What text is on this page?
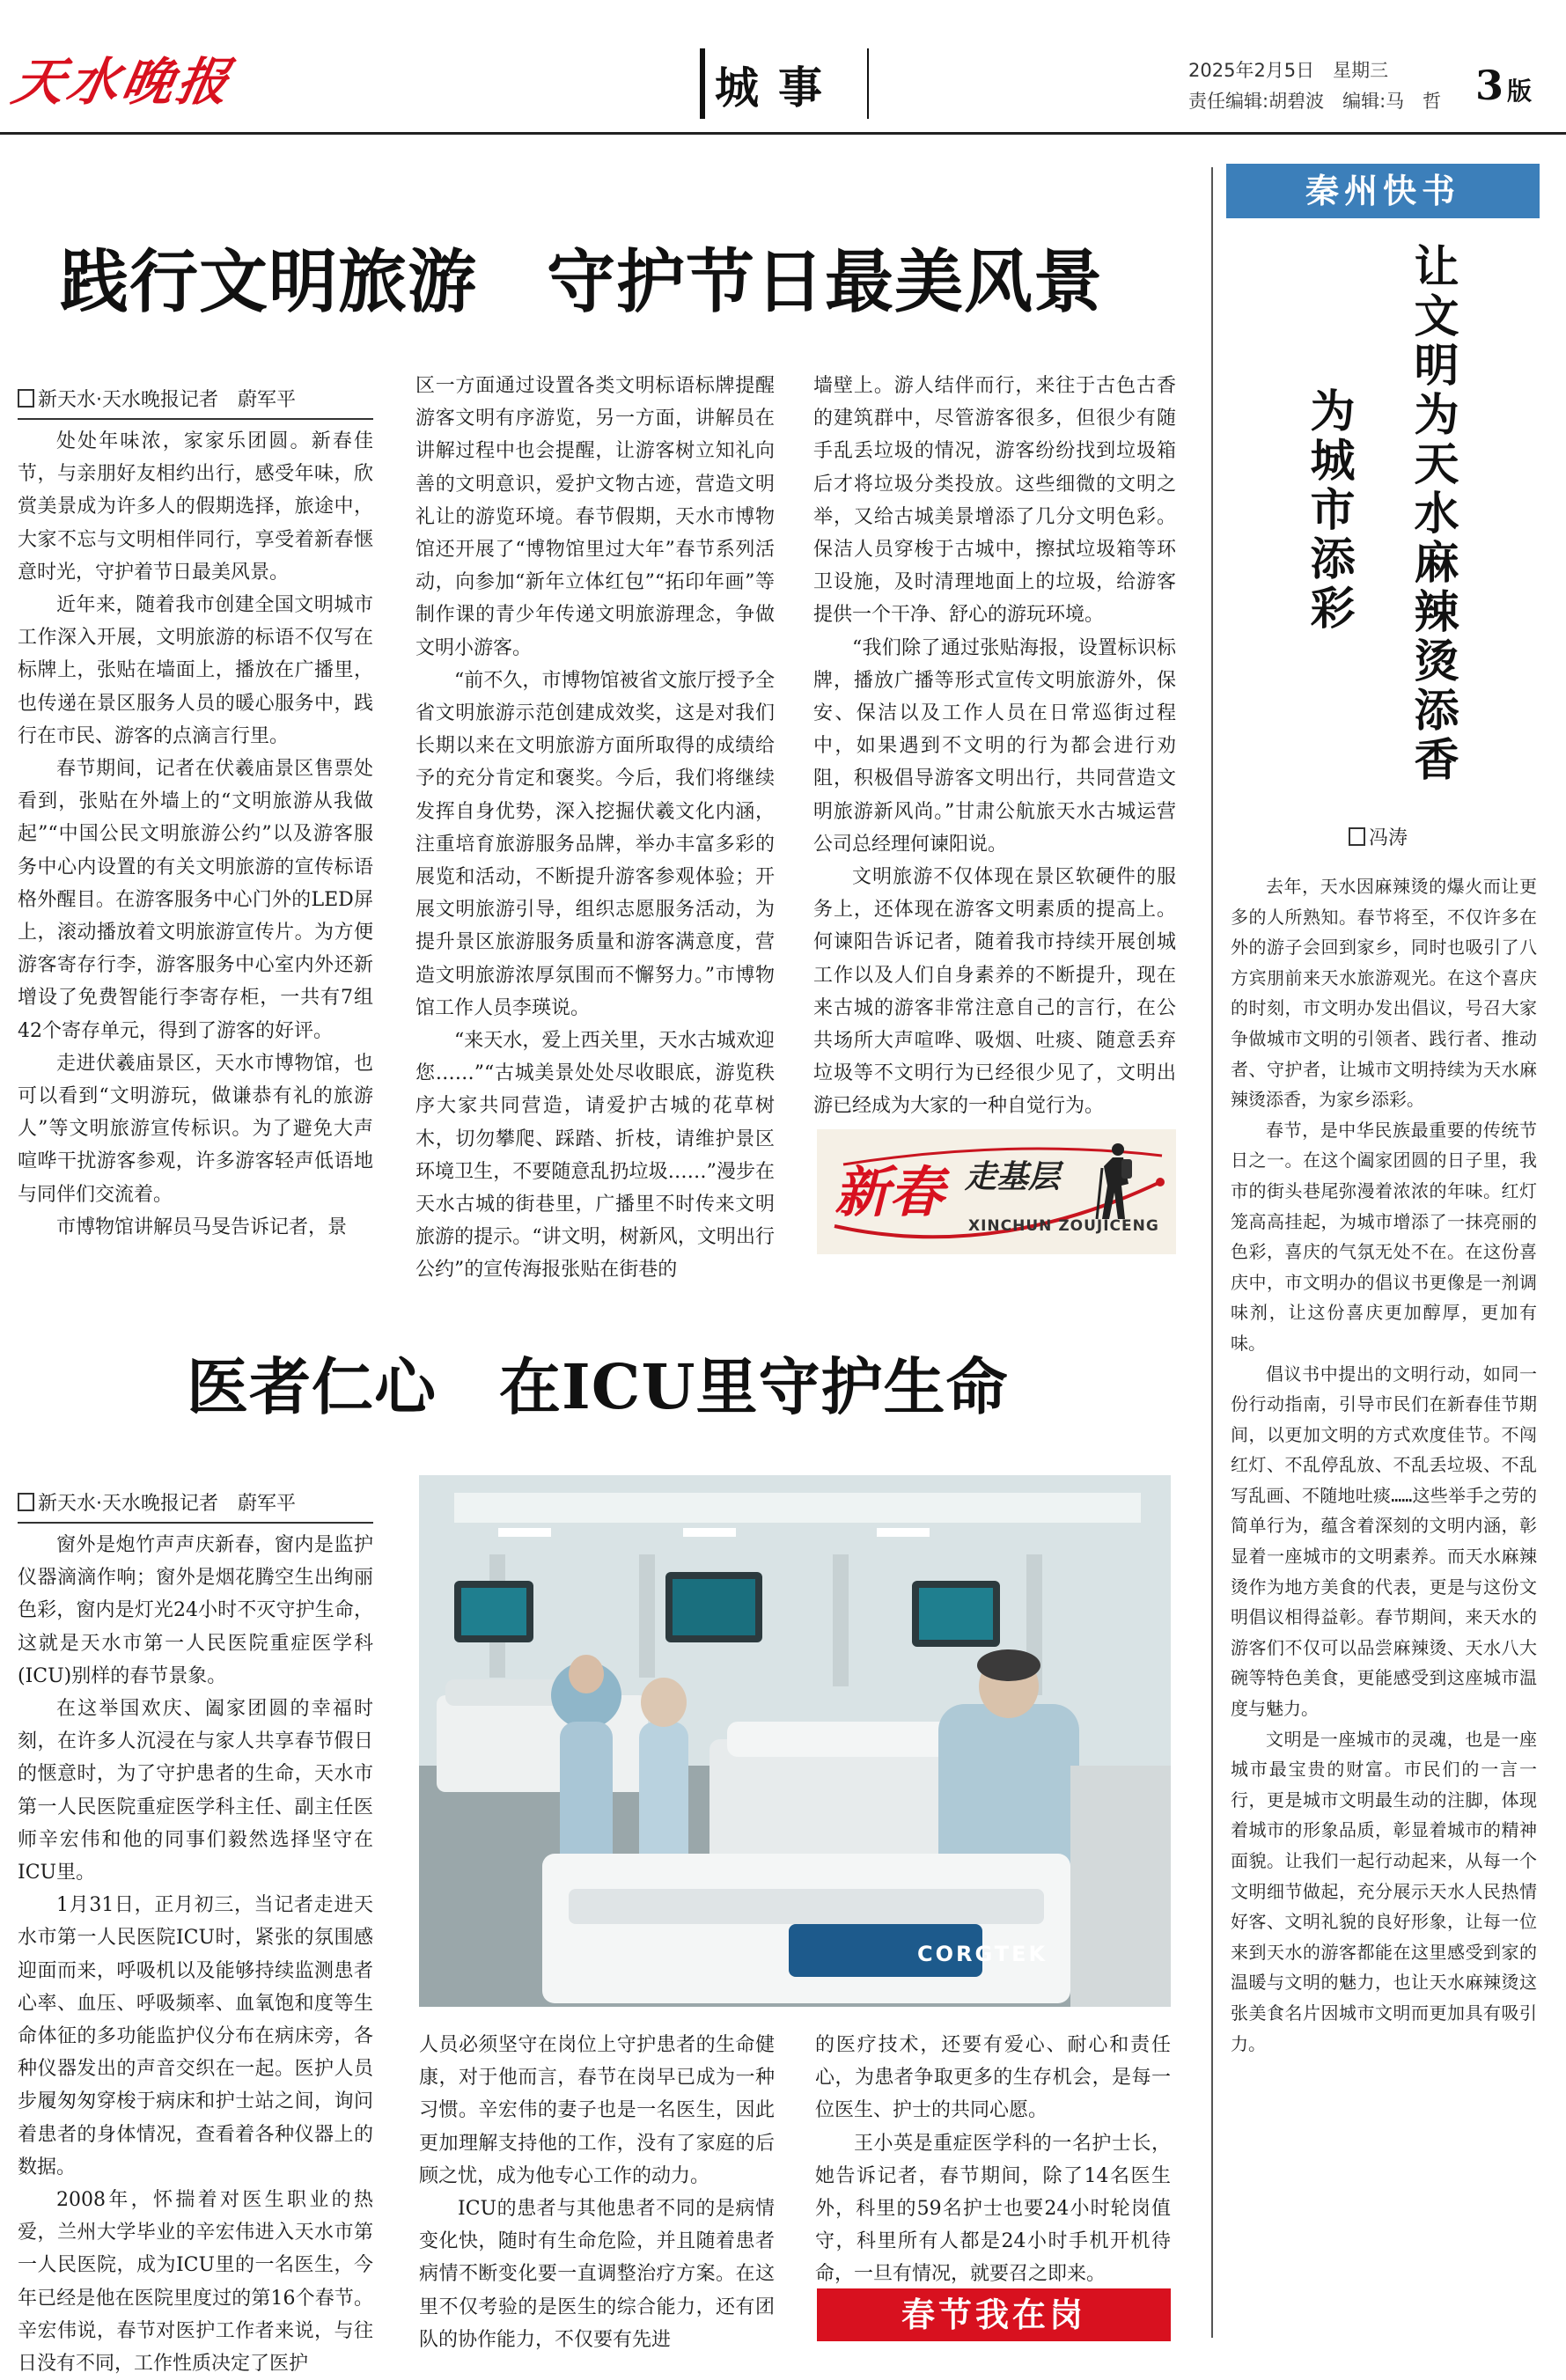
天水晚报	城事	2025年2月5日　星期三
责任编辑:胡碧波　编辑:马　哲 3 版
践行文明旅游　守护节日最美风景
新天水·天水晚报记者　蔚军平

处处年味浓，家家乐团圆。新春佳节，与亲朋好友相约出行，感受年味，欣赏美景成为许多人的假期选择，旅途中，大家不忘与文明相伴同行，享受着新春惬意时光，守护着节日最美风景。

近年来，随着我市创建全国文明城市工作深入开展，文明旅游的标语不仅写在标牌上，张贴在墙面上，播放在广播里，也传递在景区服务人员的暖心服务中，践行在市民、游客的点滴言行里。

春节期间，记者在伏羲庙景区售票处看到，张贴在外墙上的“文明旅游从我做起”“中国公民文明旅游公约”以及游客服务中心内设置的有关文明旅游的宣传标语格外醒目。在游客服务中心门外的LED屏上，滚动播放着文明旅游宣传片。为方便游客寄存行李，游客服务中心室内外还新增设了免费智能行李寄存柜，一共有7组42个寄存单元，得到了游客的好评。

走进伏羲庙景区，天水市博物馆，也可以看到“文明游玩，做谦恭有礼的旅游人”等文明旅游宣传标识。为了避免大声喧哗干扰游客参观，许多游客轻声低语地与同伴们交流着。

市博物馆讲解员马旻告诉记者，景

区一方面通过设置各类文明标语标牌提醒游客文明有序游览，另一方面，讲解员在讲解过程中也会提醒，让游客树立知礼向善的文明意识，爱护文物古迹，营造文明礼让的游览环境。春节假期，天水市博物馆还开展了“博物馆里过大年”春节系列活动，向参加“新年立体红包”“拓印年画”等制作课的青少年传递文明旅游理念，争做文明小游客。

“前不久，市博物馆被省文旅厅授予全省文明旅游示范创建成效奖，这是对我们长期以来在文明旅游方面所取得的成绩给予的充分肯定和褒奖。今后，我们将继续发挥自身优势，深入挖掘伏羲文化内涵，注重培育旅游服务品牌，举办丰富多彩的展览和活动，不断提升游客参观体验；开展文明旅游引导，组织志愿服务活动，为提升景区旅游服务质量和游客满意度，营造文明旅游浓厚氛围而不懈努力。”市博物馆工作人员李瑛说。

“来天水，爱上西关里，天水古城欢迎您……”“古城美景处处尽收眼底，游览秩序大家共同营造，请爱护古城的花草树木，切勿攀爬、踩踏、折枝，请维护景区环境卫生，不要随意乱扔垃圾……”漫步在天水古城的街巷里，广播里不时传来文明旅游的提示。“讲文明，树新风，文明出行公约”的宣传海报张贴在街巷的

墙壁上。游人结伴而行，来往于古色古香的建筑群中，尽管游客很多，但很少有随手乱丢垃圾的情况，游客纷纷找到垃圾箱后才将垃圾分类投放。这些细微的文明之举，又给古城美景增添了几分文明色彩。保洁人员穿梭于古城中，擦拭垃圾箱等环卫设施，及时清理地面上的垃圾，给游客提供一个干净、舒心的游玩环境。

“我们除了通过张贴海报，设置标识标牌，播放广播等形式宣传文明旅游外，保安、保洁以及工作人员在日常巡街过程中，如果遇到不文明的行为都会进行劝阻，积极倡导游客文明出行，共同营造文明旅游新风尚。”甘肃公航旅天水古城运营公司总经理何谏阳说。

文明旅游不仅体现在景区软硬件的服务上，还体现在游客文明素质的提高上。何谏阳告诉记者，随着我市持续开展创城工作以及人们自身素养的不断提升，现在来古城的游客非常注意自己的言行，在公共场所大声喧哗、吸烟、吐痰、随意丢弃垃圾等不文明行为已经很少见了，文明出游已经成为大家的一种自觉行为。

新春 走基层
XINCHUN ZOUJICENG
医者仁心　在ICU里守护生命
新天水·天水晚报记者　蔚军平

窗外是炮竹声声庆新春，窗内是监护仪器滴滴作响；窗外是烟花腾空生出绚丽色彩，窗内是灯光24小时不灭守护生命，这就是天水市第一人民医院重症医学科(ICU)别样的春节景象。

在这举国欢庆、阖家团圆的幸福时刻，在许多人沉浸在与家人共享春节假日的惬意时，为了守护患者的生命，天水市第一人民医院重症医学科主任、副主任医师辛宏伟和他的同事们毅然选择坚守在ICU里。

1月31日，正月初三，当记者走进天水市第一人民医院ICU时，紧张的氛围感迎面而来，呼吸机以及能够持续监测患者心率、血压、呼吸频率、血氧饱和度等生命体征的多功能监护仪分布在病床旁，各种仪器发出的声音交织在一起。医护人员步履匆匆穿梭于病床和护士站之间，询问着患者的身体情况，查看着各种仪器上的数据。

2008年，怀揣着对医生职业的热爱，兰州大学毕业的辛宏伟进入天水市第一人民医院，成为ICU里的一名医生，今年已经是他在医院里度过的第16个春节。辛宏伟说，春节对医护工作者来说，与往日没有不同，工作性质决定了医护

CORGTEK

人员必须坚守在岗位上守护患者的生命健康，对于他而言，春节在岗早已成为一种习惯。辛宏伟的妻子也是一名医生，因此更加理解支持他的工作，没有了家庭的后顾之忧，成为他专心工作的动力。

ICU的患者与其他患者不同的是病情变化快，随时有生命危险，并且随着患者病情不断变化要一直调整治疗方案。在这里不仅考验的是医生的综合能力，还有团队的协作能力，不仅要有先进

的医疗技术，还要有爱心、耐心和责任心，为患者争取更多的生存机会，是每一位医生、护士的共同心愿。

王小英是重症医学科的一名护士长，她告诉记者，春节期间，除了14名医生外，科里的59名护士也要24小时轮岗值守，科里所有人都是24小时手机开机待命，一旦有情况，就要召之即来。

春节我在岗
秦州快书
让文明为天水麻辣烫添香
为城市添彩
冯涛

去年，天水因麻辣烫的爆火而让更多的人所熟知。春节将至，不仅许多在外的游子会回到家乡，同时也吸引了八方宾朋前来天水旅游观光。在这个喜庆的时刻，市文明办发出倡议，号召大家争做城市文明的引领者、践行者、推动者、守护者，让城市文明持续为天水麻辣烫添香，为家乡添彩。

春节，是中华民族最重要的传统节日之一。在这个阖家团圆的日子里，我市的街头巷尾弥漫着浓浓的年味。红灯笼高高挂起，为城市增添了一抹亮丽的色彩，喜庆的气氛无处不在。在这份喜庆中，市文明办的倡议书更像是一剂调味剂，让这份喜庆更加醇厚，更加有味。

倡议书中提出的文明行动，如同一份行动指南，引导市民们在新春佳节期间，以更加文明的方式欢度佳节。不闯红灯、不乱停乱放、不乱丢垃圾、不乱写乱画、不随地吐痰……这些举手之劳的简单行为，蕴含着深刻的文明内涵，彰显着一座城市的文明素养。而天水麻辣烫作为地方美食的代表，更是与这份文明倡议相得益彰。春节期间，来天水的游客们不仅可以品尝麻辣烫、天水八大碗等特色美食，更能感受到这座城市温度与魅力。

文明是一座城市的灵魂，也是一座城市最宝贵的财富。市民们的一言一行，更是城市文明最生动的注脚，体现着城市的形象品质，彰显着城市的精神面貌。让我们一起行动起来，从每一个文明细节做起，充分展示天水人民热情好客、文明礼貌的良好形象，让每一位来到天水的游客都能在这里感受到家的温暖与文明的魅力，也让天水麻辣烫这张美食名片因城市文明而更加具有吸引力。
